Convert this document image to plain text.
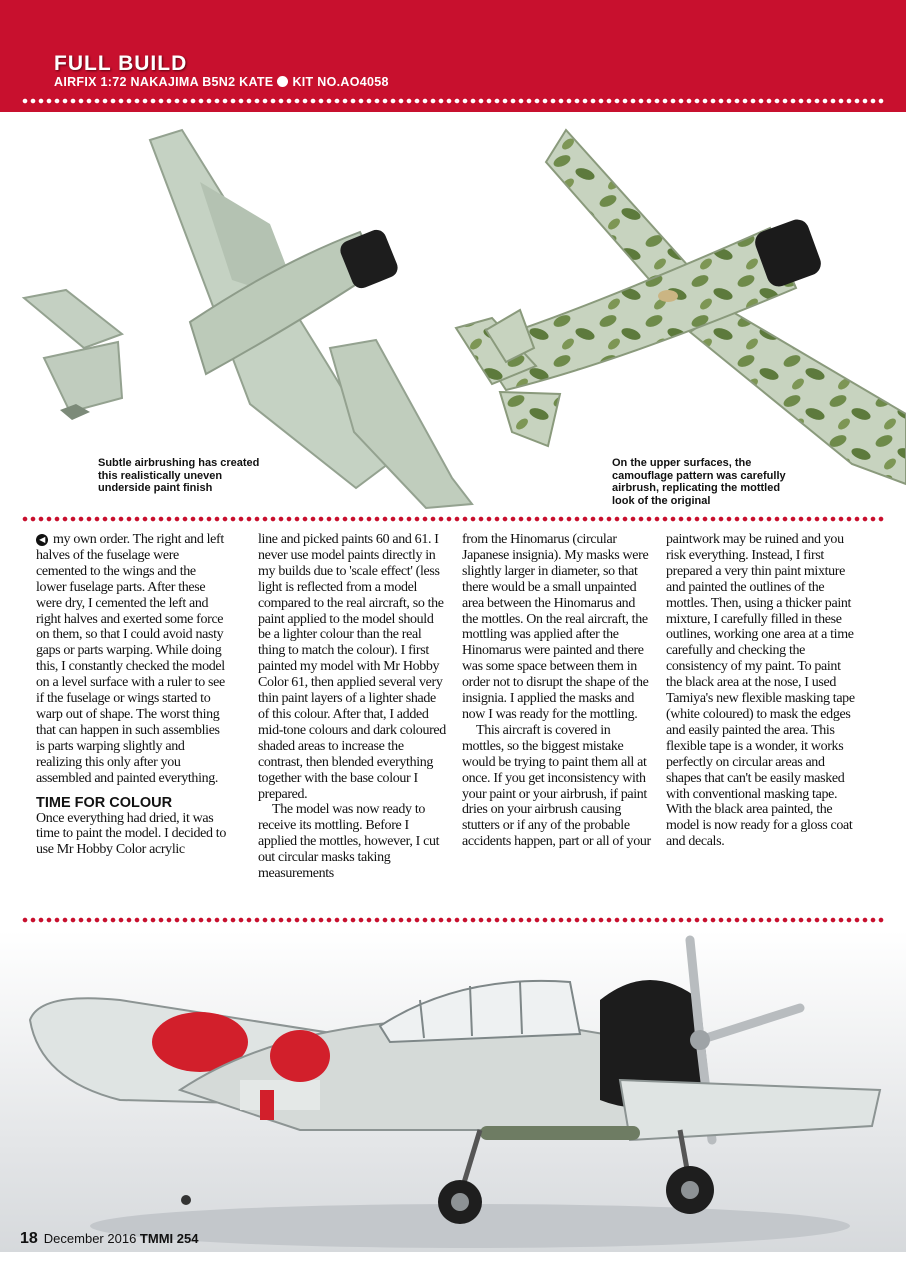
FULL BUILD
AIRFIX 1:72 NAKAJIMA B5N2 KATE KIT NO.AO4058
Subtle airbrushing has created this realistically uneven underside paint finish
On the upper surfaces, the camouflage pattern was carefully airbrush, replicating the mottled look of the original

◀ my own order. The right and left halves of the fuselage were cemented to the wings and the lower fuselage parts. After these were dry, I cemented the left and right halves and exerted some force on them, so that I could avoid nasty gaps or parts warping. While doing this, I constantly checked the model on a level surface with a ruler to see if the fuselage or wings started to warp out of shape. The worst thing that can happen in such assemblies is parts warping slightly and realizing this only after you assembled and painted everything.

TIME FOR COLOUR

Once everything had dried, it was time to paint the model. I decided to use Mr Hobby Color acrylic

line and picked paints 60 and 61. I never use model paints directly in my builds due to 'scale effect' (less light is reflected from a model compared to the real aircraft, so the paint applied to the model should be a lighter colour than the real thing to match the colour). I first painted my model with Mr Hobby Color 61, then applied several very thin paint layers of a lighter shade of this colour. After that, I added mid-tone colours and dark coloured shaded areas to increase the contrast, then blended everything together with the base colour I prepared.

The model was now ready to receive its mottling. Before I applied the mottles, however, I cut out circular masks taking measurements

from the Hinomarus (circular Japanese insignia). My masks were slightly larger in diameter, so that there would be a small unpainted area between the Hinomarus and the mottles. On the real aircraft, the mottling was applied after the Hinomarus were painted and there was some space between them in order not to disrupt the shape of the insignia. I applied the masks and now I was ready for the mottling.

This aircraft is covered in mottles, so the biggest mistake would be trying to paint them all at once. If you get inconsistency with your paint or your airbrush, if paint dries on your airbrush causing stutters or if any of the probable accidents happen, part or all of your

paintwork may be ruined and you risk everything. Instead, I first prepared a very thin paint mixture and painted the outlines of the mottles. Then, using a thicker paint mixture, I carefully filled in these outlines, working one area at a time carefully and checking the consistency of my paint. To paint the black area at the nose, I used Tamiya's new flexible masking tape (white coloured) to mask the edges and easily painted the area. This flexible tape is a wonder, it works perfectly on circular areas and shapes that can't be easily masked with conventional masking tape. With the black area painted, the model is now ready for a gloss coat and decals.

18 December 2016 TMMI 254
